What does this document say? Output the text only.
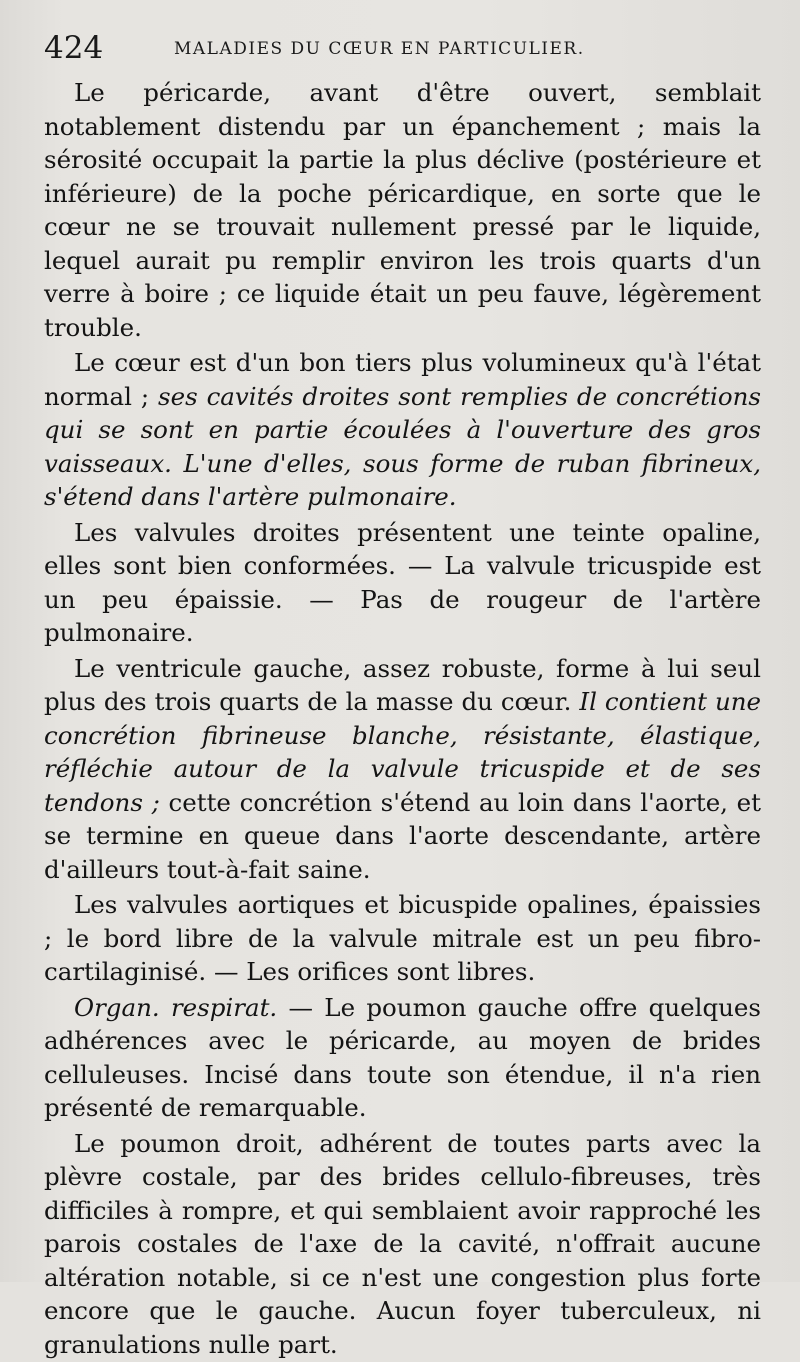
424	MALADIES DU CŒUR EN PARTICULIER.

Le péricarde, avant d'être ouvert, semblait notablement distendu par un épanchement ; mais la sérosité occupait la partie la plus déclive (postérieure et inférieure) de la poche péricardique, en sorte que le cœur ne se trouvait nullement pressé par le liquide, lequel aurait pu remplir environ les trois quarts d'un verre à boire ; ce liquide était un peu fauve, légèrement trouble.

Le cœur est d'un bon tiers plus volumineux qu'à l'état normal ; ses cavités droites sont remplies de concrétions qui se sont en partie écoulées à l'ouverture des gros vaisseaux. L'une d'elles, sous forme de ruban fibrineux, s'étend dans l'artère pulmonaire.

Les valvules droites présentent une teinte opaline, elles sont bien conformées. — La valvule tricuspide est un peu épaissie. — Pas de rougeur de l'artère pulmonaire.

Le ventricule gauche, assez robuste, forme à lui seul plus des trois quarts de la masse du cœur. Il contient une concrétion fibrineuse blanche, résistante, élastique, réfléchie autour de la valvule tricuspide et de ses tendons ; cette concrétion s'étend au loin dans l'aorte, et se termine en queue dans l'aorte descendante, artère d'ailleurs tout-à-fait saine.

Les valvules aortiques et bicuspide opalines, épaissies ; le bord libre de la valvule mitrale est un peu fibro-cartilaginisé. — Les orifices sont libres.

Organ. respirat. — Le poumon gauche offre quelques adhérences avec le péricarde, au moyen de brides celluleuses. Incisé dans toute son étendue, il n'a rien présenté de remarquable.

Le poumon droit, adhérent de toutes parts avec la plèvre costale, par des brides cellulo-fibreuses, très difficiles à rompre, et qui semblaient avoir rapproché les parois costales de l'axe de la cavité, n'offrait aucune altération notable, si ce n'est une congestion plus forte encore que le gauche. Aucun foyer tuberculeux, ni granulations nulle part.
